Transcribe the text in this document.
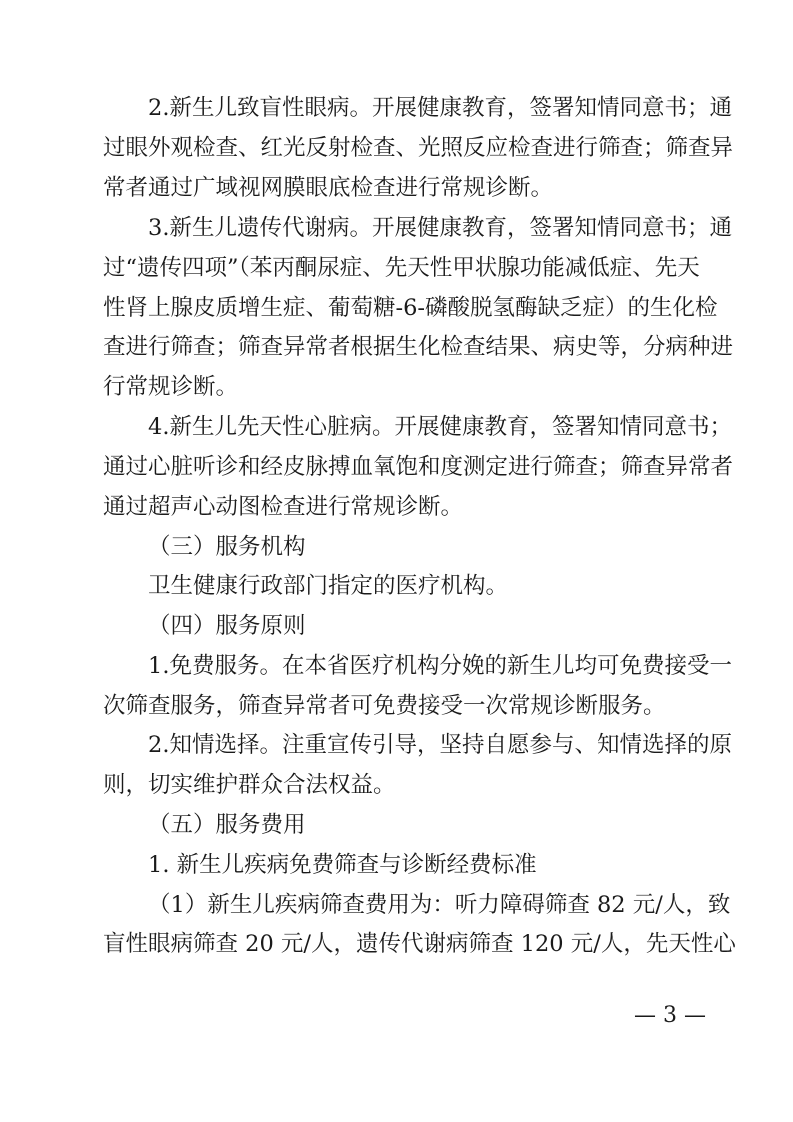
2.新生儿致盲性眼病。开展健康教育，签署知情同意书；通
过眼外观检查、红光反射检查、光照反应检查进行筛查；筛查异
常者通过广域视网膜眼底检查进行常规诊断。
3.新生儿遗传代谢病。开展健康教育，签署知情同意书；通
过“遗传四项”（苯丙酮尿症、先天性甲状腺功能减低症、先天
性肾上腺皮质增生症、葡萄糖-6-磷酸脱氢酶缺乏症）的生化检
查进行筛查；筛查异常者根据生化检查结果、病史等，分病种进
行常规诊断。
4.新生儿先天性心脏病。开展健康教育，签署知情同意书；
通过心脏听诊和经皮脉搏血氧饱和度测定进行筛查；筛查异常者
通过超声心动图检查进行常规诊断。
（三）服务机构
卫生健康行政部门指定的医疗机构。
（四）服务原则
1.免费服务。在本省医疗机构分娩的新生儿均可免费接受一
次筛查服务，筛查异常者可免费接受一次常规诊断服务。
2.知情选择。注重宣传引导，坚持自愿参与、知情选择的原
则，切实维护群众合法权益。
（五）服务费用
1. 新生儿疾病免费筛查与诊断经费标准
（1）新生儿疾病筛查费用为：听力障碍筛查 82 元/人，致
盲性眼病筛查 20 元/人，遗传代谢病筛查 120 元/人，先天性心
— 3 —
